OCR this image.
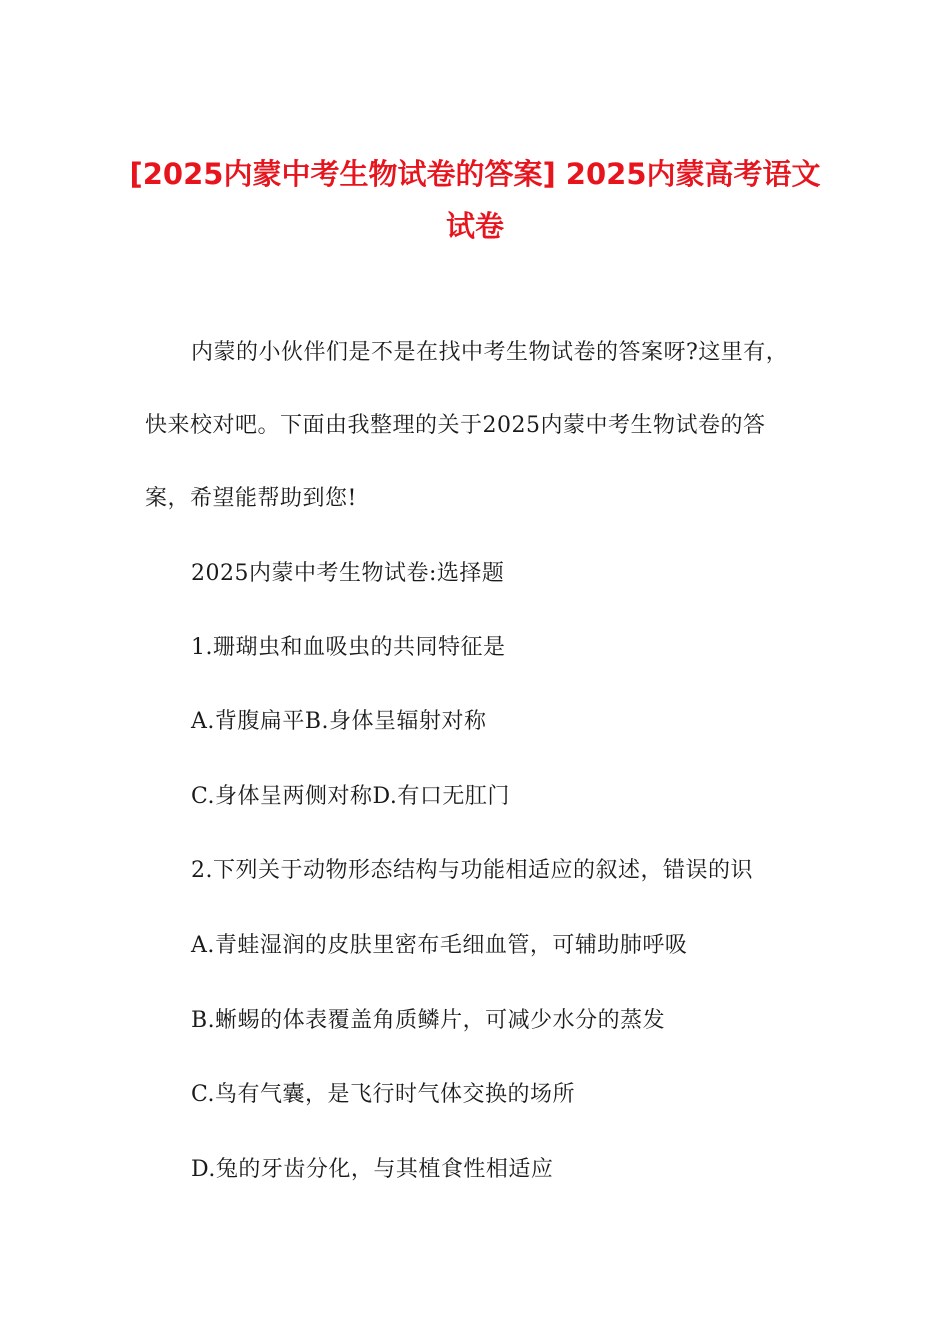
[2025内蒙中考生物试卷的答案] 2025内蒙高考语文试卷

内蒙的小伙伴们是不是在找中考生物试卷的答案呀?这里有，

快来校对吧。下面由我整理的关于2025内蒙中考生物试卷的答

案，希望能帮助到您!

2025内蒙中考生物试卷:选择题

1.珊瑚虫和血吸虫的共同特征是

A.背腹扁平B.身体呈辐射对称

C.身体呈两侧对称D.有口无肛门

2.下列关于动物形态结构与功能相适应的叙述，错误的识

A.青蛙湿润的皮肤里密布毛细血管，可辅助肺呼吸

B.蜥蜴的体表覆盖角质鳞片，可减少水分的蒸发

C.鸟有气囊，是飞行时气体交换的场所

D.兔的牙齿分化，与其植食性相适应
